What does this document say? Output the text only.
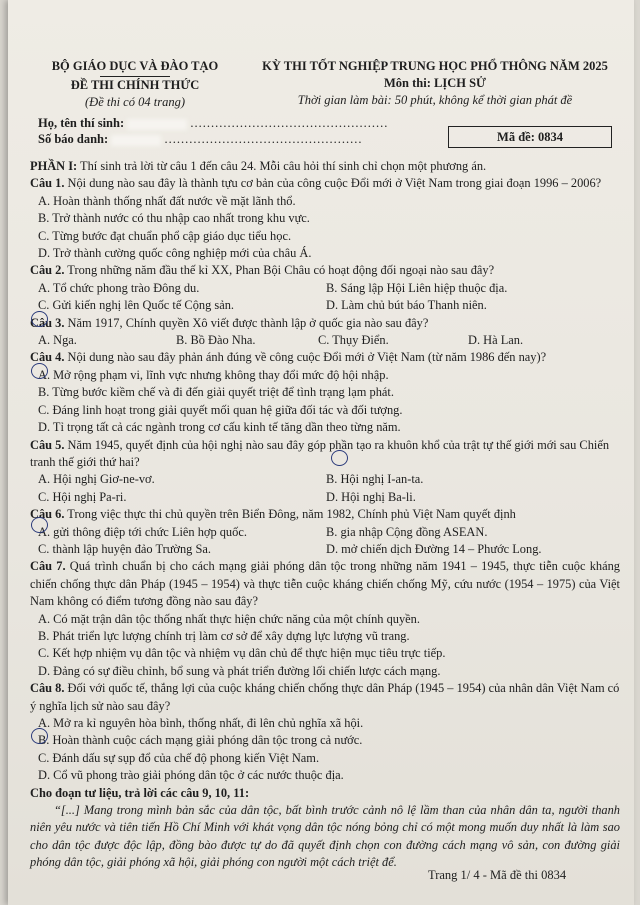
BỘ GIÁO DỤC VÀ ĐÀO TẠO
ĐỀ THI CHÍNH THỨC
(Đề thi có 04 trang)
KỲ THI TỐT NGHIỆP TRUNG HỌC PHỔ THÔNG NĂM 2025
Môn thi: LỊCH SỬ
Thời gian làm bài: 50 phút, không kể thời gian phát đề
Họ, tên thí sinh:	................................................
Số báo danh:	................................................	Mã đề: 0834

PHẦN I: Thí sinh trả lời từ câu 1 đến câu 24. Mỗi câu hỏi thí sinh chỉ chọn một phương án.

Câu 1. Nội dung nào sau đây là thành tựu cơ bản của công cuộc Đổi mới ở Việt Nam trong giai đoạn 1996 – 2006?

A. Hoàn thành thống nhất đất nước về mặt lãnh thổ.

B. Trở thành nước có thu nhập cao nhất trong khu vực.

C. Từng bước đạt chuẩn phổ cập giáo dục tiểu học.

D. Trở thành cường quốc công nghiệp mới của châu Á.

Câu 2. Trong những năm đầu thế kỉ XX, Phan Bội Châu có hoạt động đối ngoại nào sau đây?

A. Tổ chức phong trào Đông du.	B. Sáng lập Hội Liên hiệp thuộc địa.
C. Gửi kiến nghị lên Quốc tế Cộng sản.	D. Làm chủ bút báo Thanh niên.

Câu 3. Năm 1917, Chính quyền Xô viết được thành lập ở quốc gia nào sau đây?

A. Nga.	B. Bồ Đào Nha.	C. Thụy Điển.	D. Hà Lan.

Câu 4. Nội dung nào sau đây phản ánh đúng về công cuộc Đổi mới ở Việt Nam (từ năm 1986 đến nay)?

A. Mở rộng phạm vi, lĩnh vực nhưng không thay đổi mức độ hội nhập.

B. Từng bước kiềm chế và đi đến giải quyết triệt để tình trạng lạm phát.

C. Đáng linh hoạt trong giải quyết mối quan hệ giữa đối tác và đối tượng.

D. Tỉ trọng tất cả các ngành trong cơ cấu kinh tế tăng dần theo từng năm.

Câu 5. Năm 1945, quyết định của hội nghị nào sau đây góp phần tạo ra khuôn khổ của trật tự thế giới mới sau Chiến tranh thế giới thứ hai?

A. Hội nghị Giơ-ne-vơ.	B. Hội nghị I-an-ta.
C. Hội nghị Pa-ri.	D. Hội nghị Ba-li.

Câu 6. Trong việc thực thi chủ quyền trên Biển Đông, năm 1982, Chính phủ Việt Nam quyết định

A. gửi thông điệp tới chức Liên hợp quốc.	B. gia nhập Cộng đồng ASEAN.
C. thành lập huyện đảo Trường Sa.	D. mở chiến dịch Đường 14 – Phước Long.

Câu 7. Quá trình chuẩn bị cho cách mạng giải phóng dân tộc trong những năm 1941 – 1945, thực tiễn cuộc kháng chiến chống thực dân Pháp (1945 – 1954) và thực tiễn cuộc kháng chiến chống Mỹ, cứu nước (1954 – 1975) của Việt Nam không có điểm tương đồng nào sau đây?

A. Có mặt trận dân tộc thống nhất thực hiện chức năng của một chính quyền.

B. Phát triển lực lượng chính trị làm cơ sở để xây dựng lực lượng vũ trang.

C. Kết hợp nhiệm vụ dân tộc và nhiệm vụ dân chủ để thực hiện mục tiêu trực tiếp.

D. Đảng có sự điều chỉnh, bổ sung và phát triển đường lối chiến lược cách mạng.

Câu 8. Đối với quốc tế, thắng lợi của cuộc kháng chiến chống thực dân Pháp (1945 – 1954) của nhân dân Việt Nam có ý nghĩa lịch sử nào sau đây?

A. Mở ra kỉ nguyên hòa bình, thống nhất, đi lên chủ nghĩa xã hội.

B. Hoàn thành cuộc cách mạng giải phóng dân tộc trong cả nước.

C. Đánh dấu sự sụp đổ của chế độ phong kiến Việt Nam.

D. Cổ vũ phong trào giải phóng dân tộc ở các nước thuộc địa.

Cho đoạn tư liệu, trả lời các câu 9, 10, 11:

“[...] Mang trong mình bản sắc của dân tộc, bất bình trước cảnh nô lệ lầm than của nhân dân ta, người thanh niên yêu nước và tiên tiến Hồ Chí Minh với khát vọng dân tộc nóng bỏng chỉ có một mong muốn duy nhất là làm sao cho dân tộc được độc lập, đồng bào được tự do đã quyết định chọn con đường cách mạng vô sản, con đường giải phóng dân tộc, giải phóng xã hội, giải phóng con người một cách triệt để.

Trang 1/ 4 - Mã đề thi 0834
